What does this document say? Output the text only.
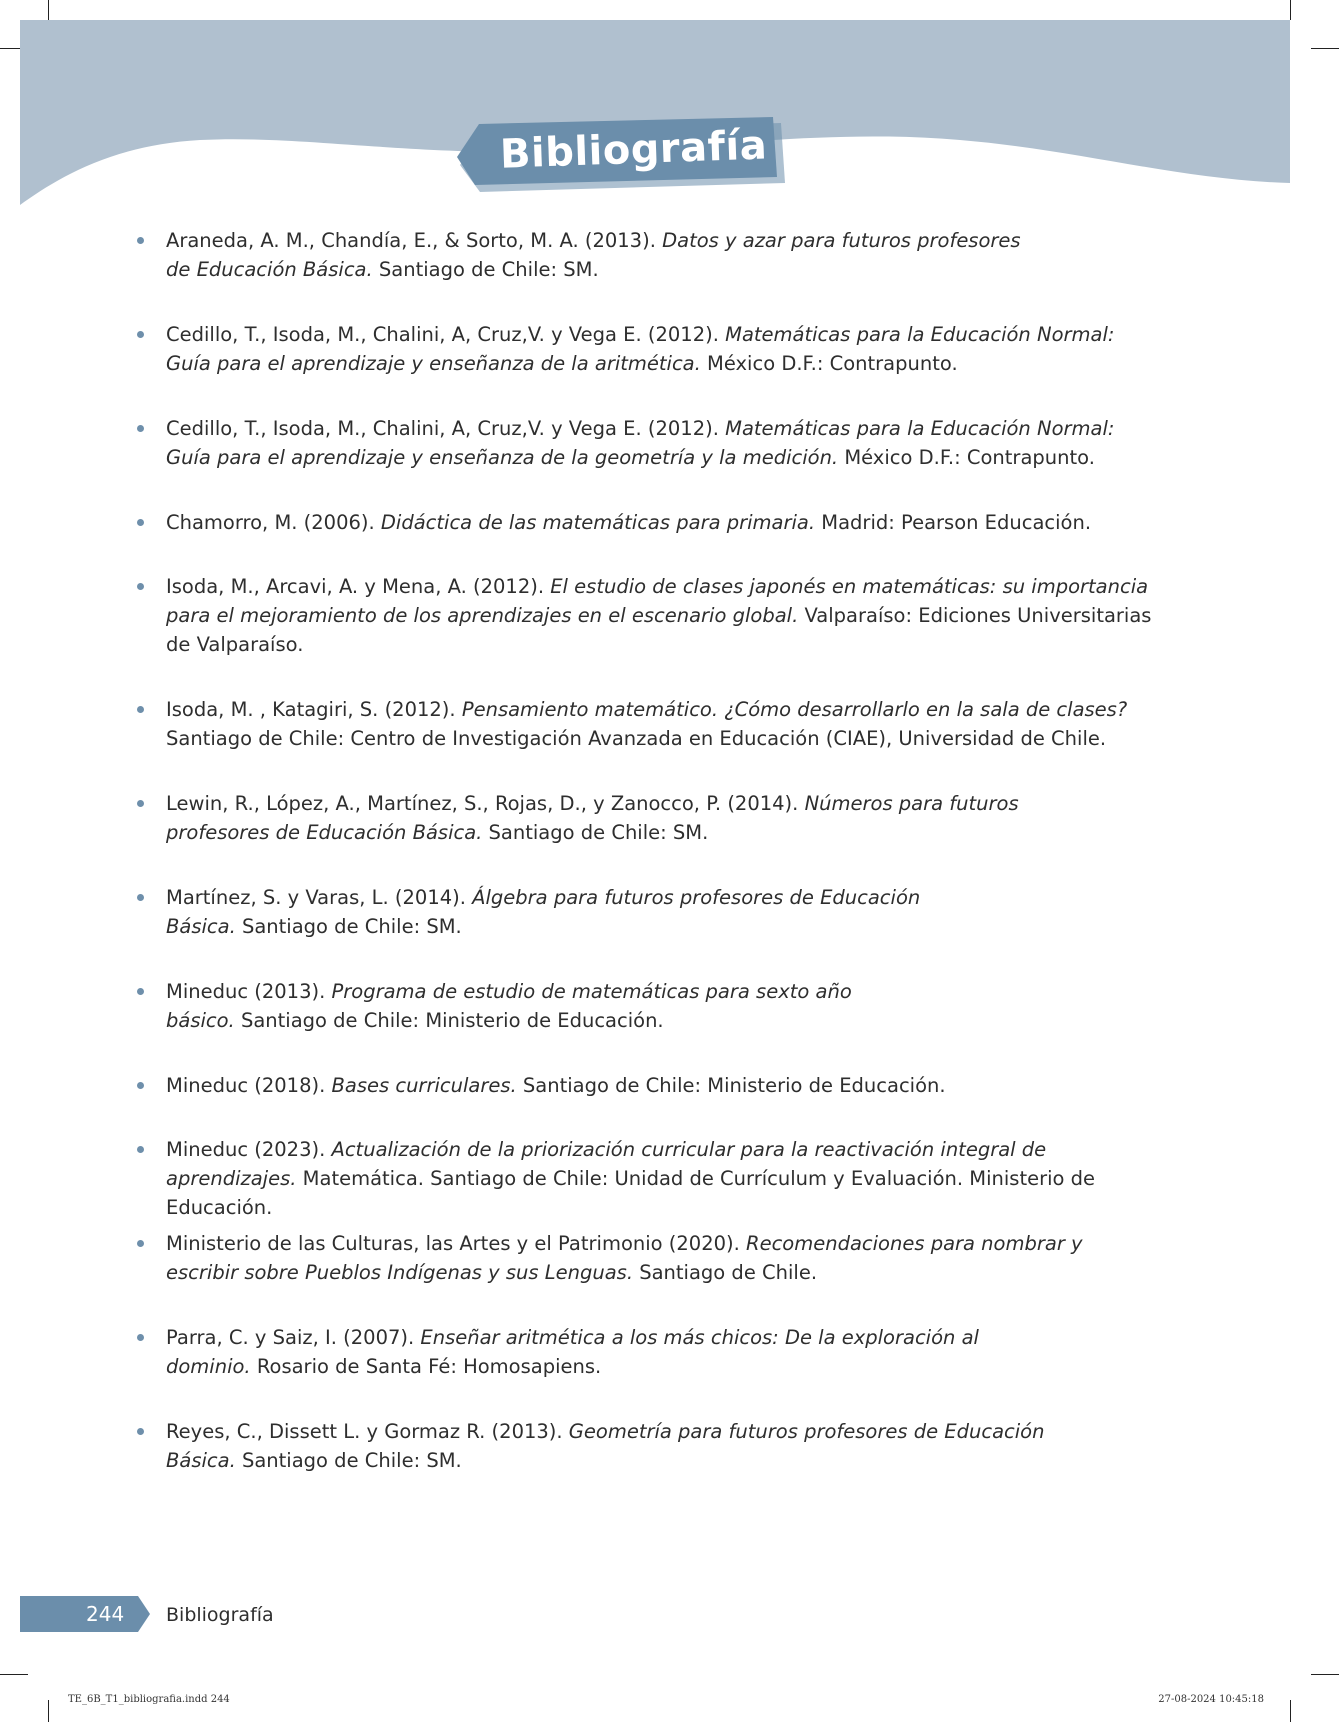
Bibliografía
Araneda, A. M., Chandía, E., & Sorto, M. A. (2013). Datos y azar para futuros profesores de Educación Básica. Santiago de Chile: SM.
Cedillo, T., Isoda, M., Chalini, A, Cruz,V. y Vega E. (2012). Matemáticas para la Educación Normal: Guía para el aprendizaje y enseñanza de la aritmética. México D.F.: Contrapunto.
Cedillo, T., Isoda, M., Chalini, A, Cruz,V. y Vega E. (2012). Matemáticas para la Educación Normal: Guía para el aprendizaje y enseñanza de la geometría y la medición. México D.F.: Contrapunto.
Chamorro, M. (2006). Didáctica de las matemáticas para primaria. Madrid: Pearson Educación.
Isoda, M., Arcavi, A. y Mena, A. (2012). El estudio de clases japonés en matemáticas: su importancia para el mejoramiento de los aprendizajes en el escenario global. Valparaíso: Ediciones Universitarias de Valparaíso.
Isoda, M. , Katagiri, S. (2012). Pensamiento matemático. ¿Cómo desarrollarlo en la sala de clases? Santiago de Chile: Centro de Investigación Avanzada en Educación (CIAE), Universidad de Chile.
Lewin, R., López, A., Martínez, S., Rojas, D., y Zanocco, P. (2014). Números para futuros profesores de Educación Básica. Santiago de Chile: SM.
Martínez, S. y Varas, L. (2014). Álgebra para futuros profesores de Educación Básica. Santiago de Chile: SM.
Mineduc (2013). Programa de estudio de matemáticas para sexto año básico. Santiago de Chile: Ministerio de Educación.
Mineduc (2018). Bases curriculares. Santiago de Chile: Ministerio de Educación.
Mineduc (2023). Actualización de la priorización curricular para la reactivación integral de aprendizajes. Matemática. Santiago de Chile: Unidad de Currículum y Evaluación. Ministerio de Educación.
Ministerio de las Culturas, las Artes y el Patrimonio (2020). Recomendaciones para nombrar y escribir sobre Pueblos Indígenas y sus Lenguas. Santiago de Chile.
Parra, C. y Saiz, I. (2007). Enseñar aritmética a los más chicos: De la exploración al dominio. Rosario de Santa Fé: Homosapiens.
Reyes, C., Dissett L. y Gormaz R. (2013). Geometría para futuros profesores de Educación Básica. Santiago de Chile: SM.
244	Bibliografía
TE_6B_T1_bibliografia.indd 244	27-08-2024 10:45:18
